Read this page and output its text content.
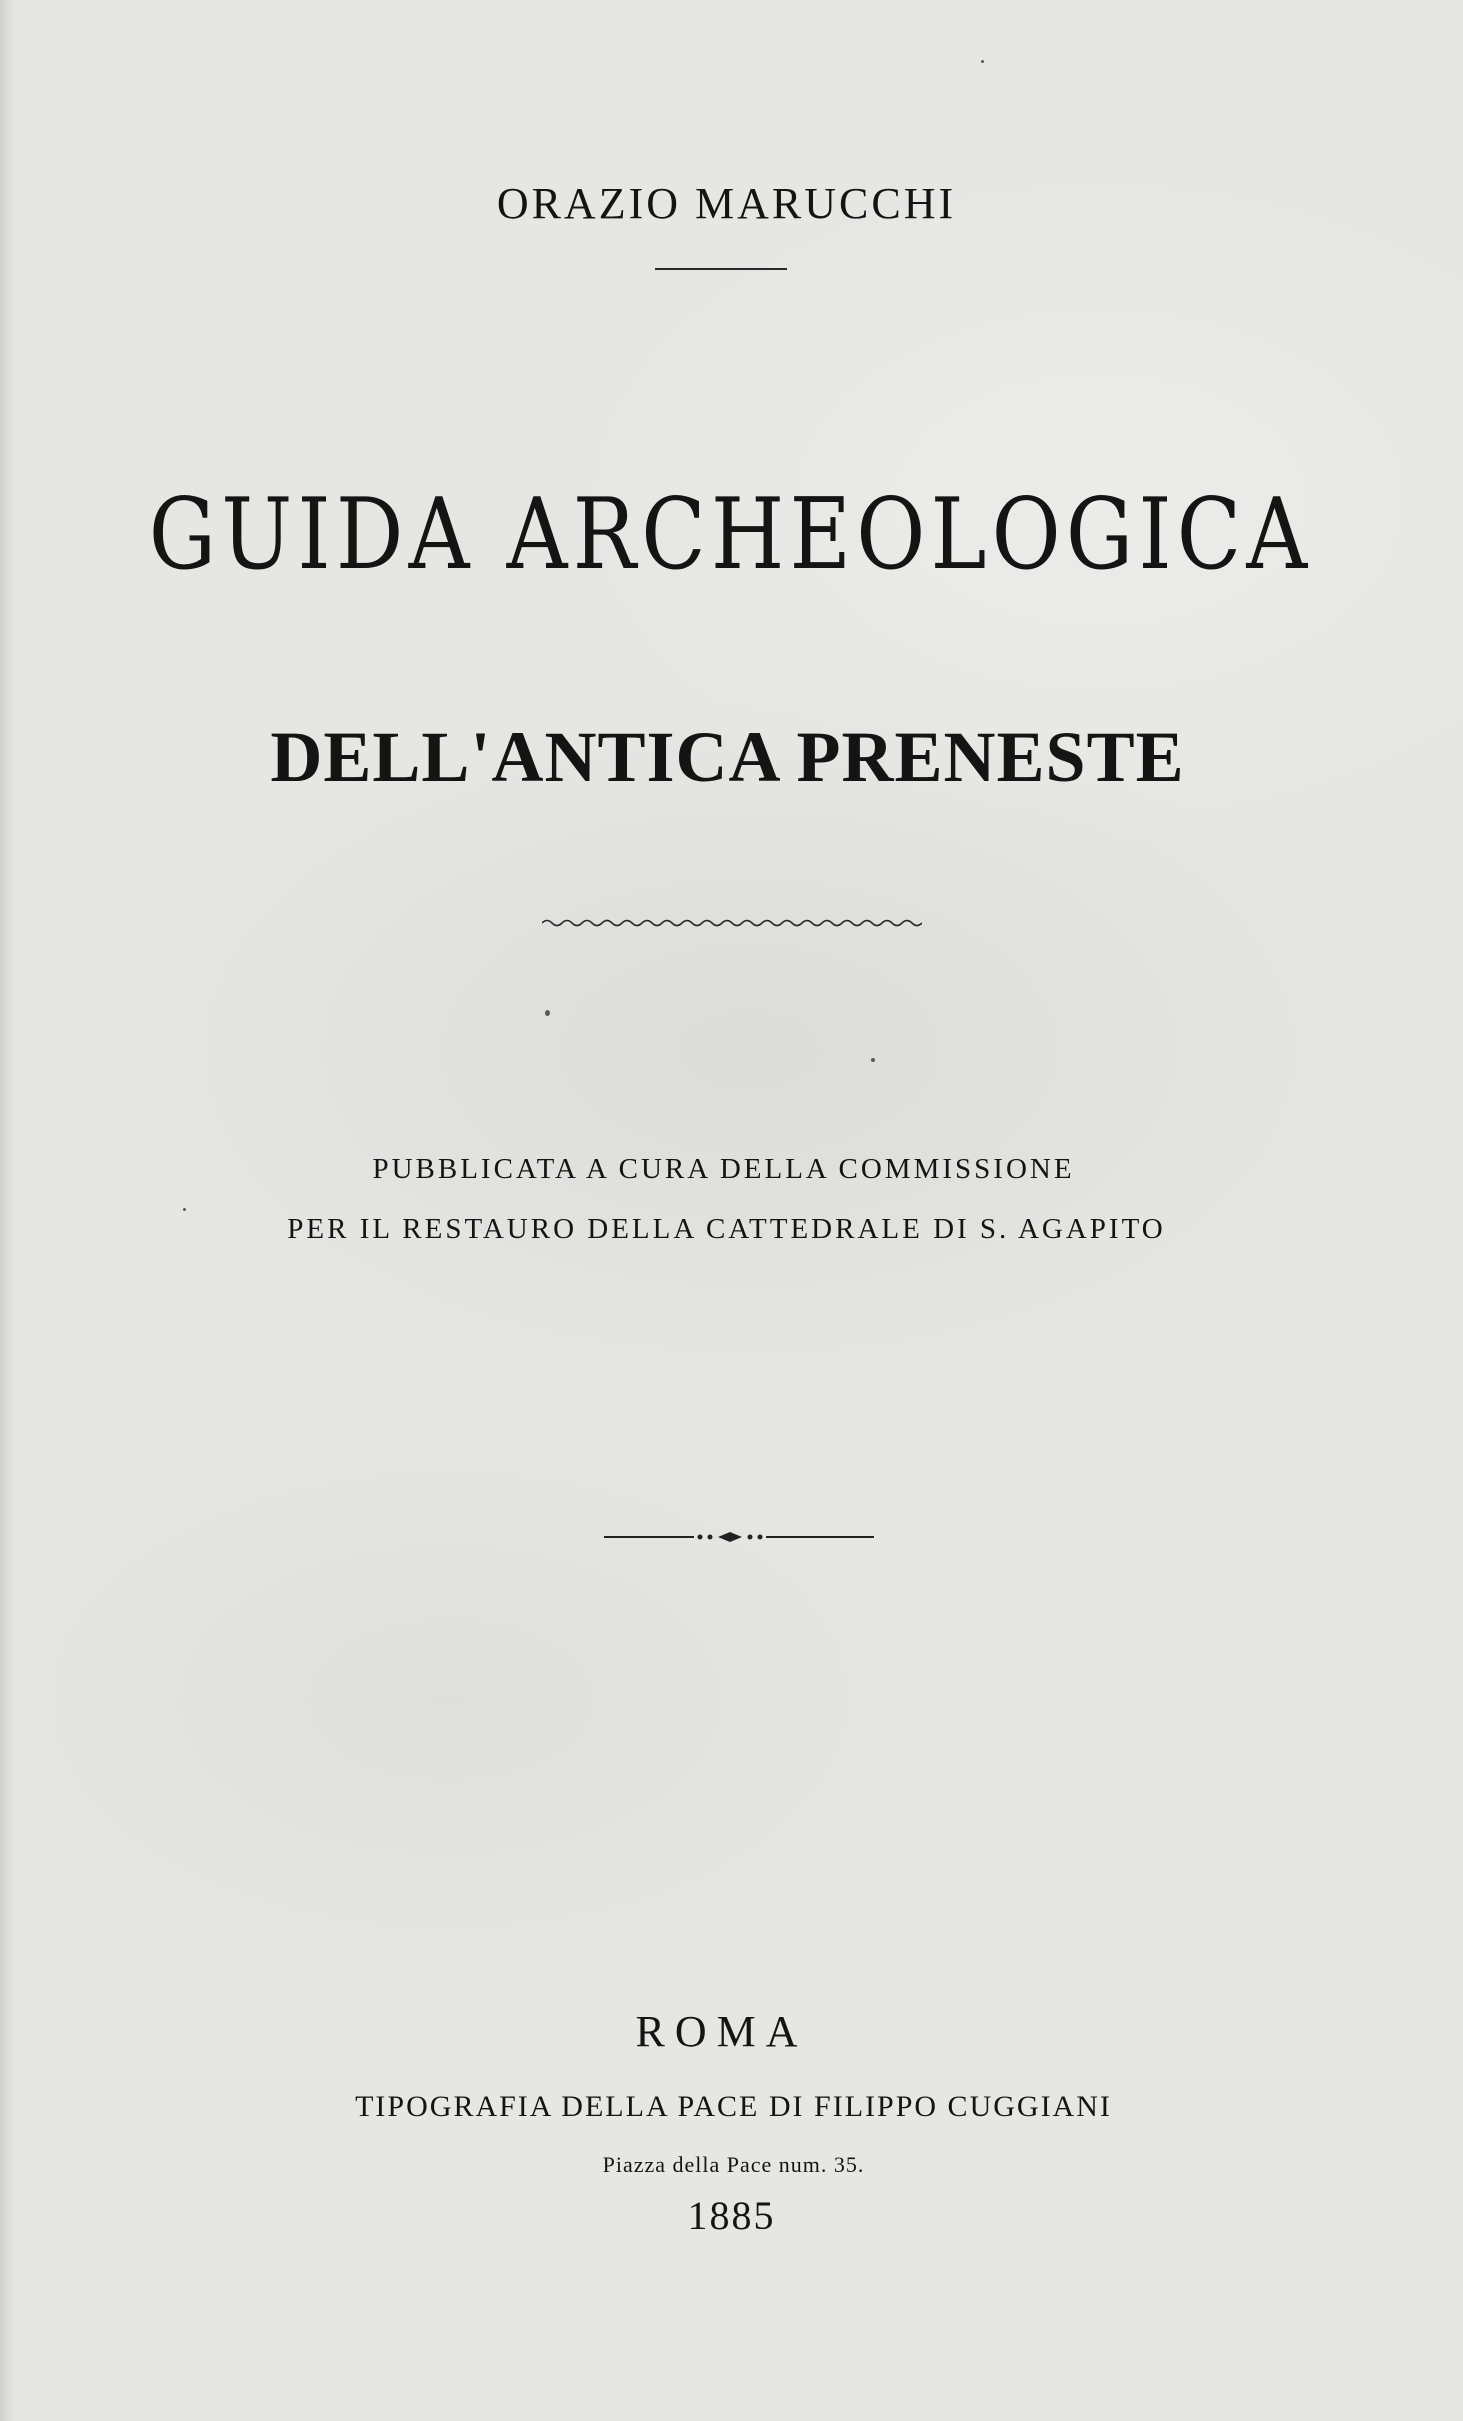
ORAZIO MARUCCHI

GUIDA ARCHEOLOGICA
DELL'ANTICA PRENESTE

PUBBLICATA A CURA DELLA COMMISSIONE

PER IL RESTAURO DELLA CATTEDRALE DI S. AGAPITO

ROMA

TIPOGRAFIA DELLA PACE DI FILIPPO CUGGIANI

Piazza della Pace num. 35.

1885
